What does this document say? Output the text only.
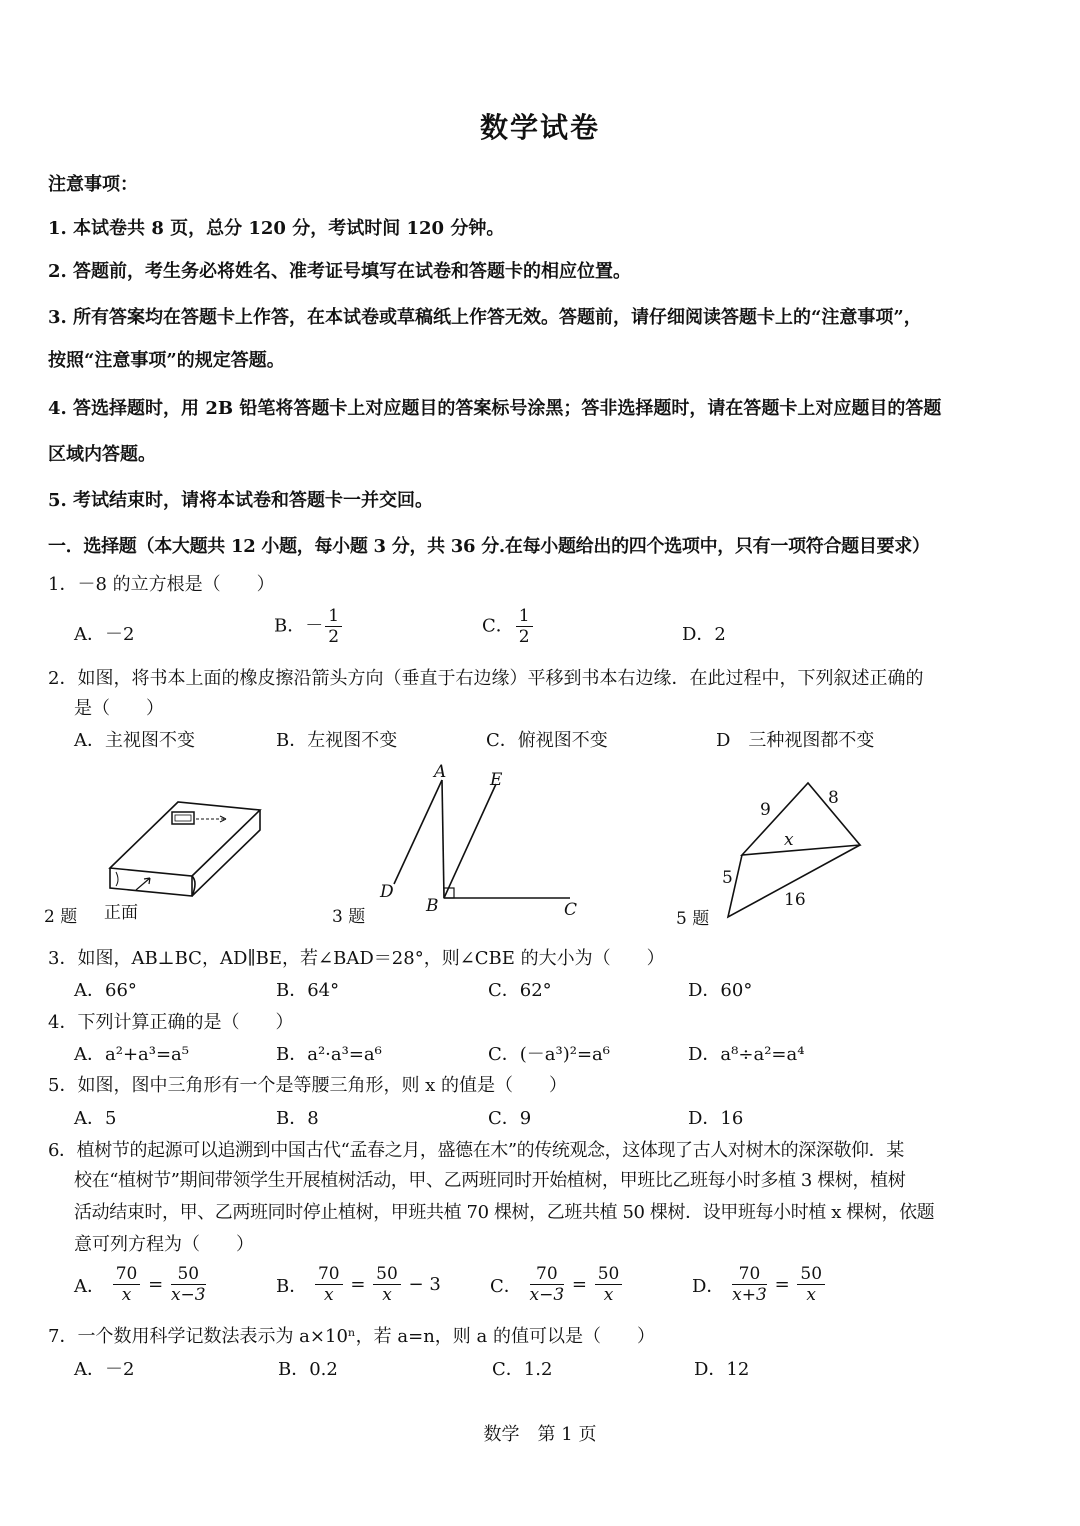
数学试卷
注意事项：
1. 本试卷共 8 页，总分 120 分，考试时间 120 分钟。
2. 答题前，考生务必将姓名、准考证号填写在试卷和答题卡的相应位置。
3. 所有答案均在答题卡上作答，在本试卷或草稿纸上作答无效。答题前，请仔细阅读答题卡上的“注意事项”，
按照“注意事项”的规定答题。
4. 答选择题时，用 2B 铅笔将答题卡上对应题目的答案标号涂黑；答非选择题时，请在答题卡上对应题目的答题
区域内答题。
5. 考试结束时，请将本试卷和答题卡一并交回。
一．选择题（本大题共 12 小题，每小题 3 分，共 36 分.在每小题给出的四个选项中，只有一项符合题目要求）
1．－8 的立方根是（　　）
A．－2	B．－ $\frac{1}{2}$	C． $\frac{1}{2}$	D．2
2．如图，将书本上面的橡皮擦沿箭头方向（垂直于右边缘）平移到书本右边缘．在此过程中，下列叙述正确的
是（　　）
A．主视图不变	B．左视图不变	C．俯视图不变	D　三种视图都不变
2 题 正面
A	E
D
B	C
3 题
9
8
x
5
16
5 题
3．如图，AB⊥BC，AD∥BE，若∠BAD＝28°，则∠CBE 的大小为（　　）
A．66°	B．64°	C．62°	D．60°
4．下列计算正确的是（　　）
A．a²+a³=a⁵	B．a²·a³=a⁶	C．(－a³)²=a⁶	D．a⁸÷a²=a⁴
5．如图，图中三角形有一个是等腰三角形，则 x 的值是（　　）
A．5	B．8	C．9	D．16
6．植树节的起源可以追溯到中国古代“孟春之月，盛德在木”的传统观念，这体现了古人对树木的深深敬仰．某
校在“植树节”期间带领学生开展植树活动，甲、乙两班同时开始植树，甲班比乙班每小时多植 3 棵树，植树
活动结束时，甲、乙两班同时停止植树，甲班共植 70 棵树，乙班共植 50 棵树．设甲班每小时植 x 棵树，依题
意可列方程为（　　）
A． $\frac{70}{x} = \frac{50}{x-3}$	B． $\frac{70}{x} = \frac{50}{x} - 3$	C． $\frac{70}{x-3} = \frac{50}{x}$	D． $\frac{70}{x+3} = \frac{50}{x}$
7．一个数用科学记数法表示为 a×10ⁿ，若 a=n，则 a 的值可以是（　　）
A．－2	B．0.2	C．1.2	D．12
数学　第 1 页
